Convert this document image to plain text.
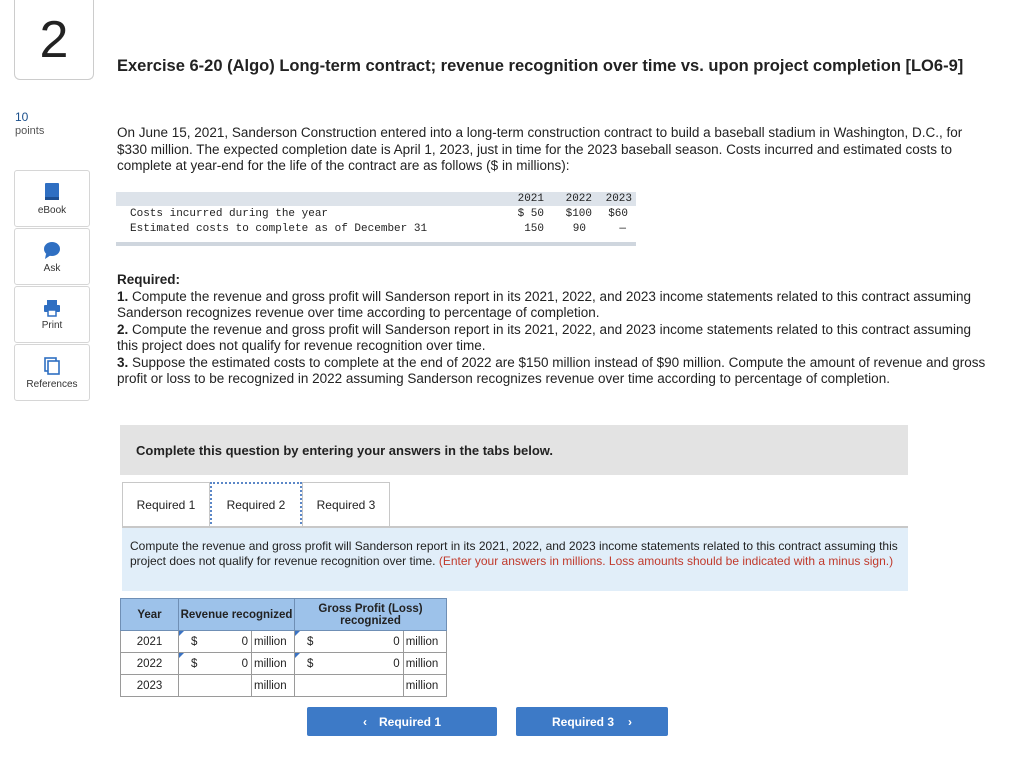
2
10
points
eBook
Ask
Print
References
Exercise 6-20 (Algo) Long-term contract; revenue recognition over time vs. upon project completion [LO6-9]
On June 15, 2021, Sanderson Construction entered into a long-term construction contract to build a baseball stadium in Washington, D.C., for $330 million. The expected completion date is April 1, 2023, just in time for the 2023 baseball season. Costs incurred and estimated costs to complete at year-end for the life of the contract are as follows ($ in millions):
2021	2022	2023
Costs incurred during the year	$ 50	$100	$60
Estimated costs to complete as of December 31	150	90	—
Required:
1. Compute the revenue and gross profit will Sanderson report in its 2021, 2022, and 2023 income statements related to this contract assuming Sanderson recognizes revenue over time according to percentage of completion.
2. Compute the revenue and gross profit will Sanderson report in its 2021, 2022, and 2023 income statements related to this contract assuming this project does not qualify for revenue recognition over time.
3. Suppose the estimated costs to complete at the end of 2022 are $150 million instead of $90 million. Compute the amount of revenue and gross profit or loss to be recognized in 2022 assuming Sanderson recognizes revenue over time according to percentage of completion.
Complete this question by entering your answers in the tabs below.
Required 1	Required 2	Required 3
Compute the revenue and gross profit will Sanderson report in its 2021, 2022, and 2023 income statements related to this contract assuming this project does not qualify for revenue recognition over time. (Enter your answers in millions. Loss amounts should be indicated with a minus sign.)
Year	Revenue recognized		Gross Profit (Loss) recognized	
2021	$ 0	million	$ 0	million
2022	$ 0	million	$ 0	million
2023		million		million
‹ Required 1	Required 3 ›
